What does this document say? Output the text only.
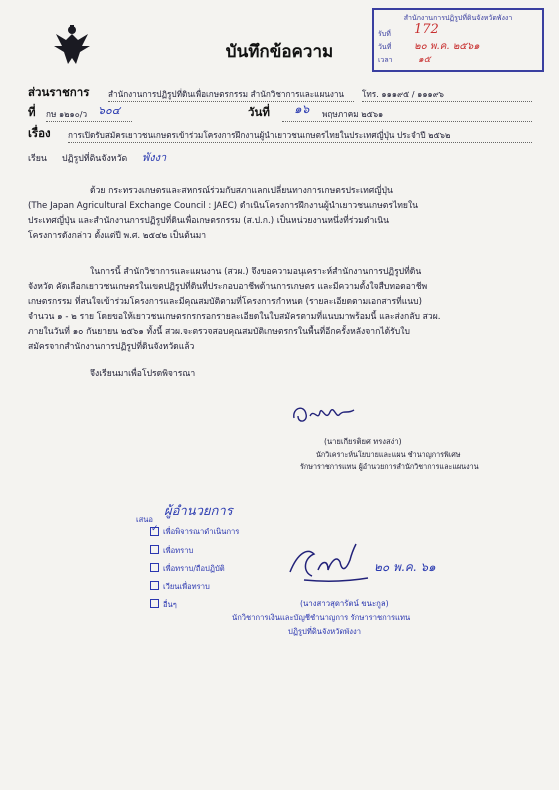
สำนักงานการปฏิรูปที่ดินจังหวัดพังงา
รับที่ 172
วันที่ ๒๐ พ.ค. ๒๕๖๑
เวลา	๑๕
บันทึกข้อความ
ส่วนราชการ สำนักงานการปฏิรูปที่ดินเพื่อเกษตรกรรม สำนักวิชาการและแผนงาน	โทร. ๑๑๑๙๕ / ๑๑๑๙๖
ที่ กษ ๑๒๑๐/ว ๖๐๔	วันที่ ๑๖	พฤษภาคม ๒๕๖๑
เรื่อง การเปิดรับสมัครเยาวชนเกษตรเข้าร่วมโครงการฝึกงานผู้นำเยาวชนเกษตรไทยในประเทศญี่ปุ่น ประจำปี ๒๕๖๒
เรียน ปฏิรูปที่ดินจังหวัด พังงา
ด้วย กระทรวงเกษตรและสหกรณ์ร่วมกับสภาแลกเปลี่ยนทางการเกษตรประเทศญี่ปุ่น
(The Japan Agricultural Exchange Council : JAEC) ดำเนินโครงการฝึกงานผู้นำเยาวชนเกษตรไทยใน
ประเทศญี่ปุ่น และสำนักงานการปฏิรูปที่ดินเพื่อเกษตรกรรม (ส.ป.ก.) เป็นหน่วยงานหนึ่งที่ร่วมดำเนิน
โครงการดังกล่าว ตั้งแต่ปี พ.ศ. ๒๕๔๒ เป็นต้นมา
ในการนี้ สำนักวิชาการและแผนงาน (สวผ.) จึงขอความอนุเคราะห์สำนักงานการปฏิรูปที่ดิน
จังหวัด คัดเลือกเยาวชนเกษตรในเขตปฏิรูปที่ดินที่ประกอบอาชีพด้านการเกษตร และมีความตั้งใจสืบทอดอาชีพ
เกษตรกรรม ที่สนใจเข้าร่วมโครงการและมีคุณสมบัติตามที่โครงการกำหนด (รายละเอียดตามเอกสารที่แนบ)
จำนวน ๑ - ๒ ราย โดยขอให้เยาวชนเกษตรกรกรอกรายละเอียดในใบสมัครตามที่แนบมาพร้อมนี้ และส่งกลับ สวผ.
ภายในวันที่ ๑๐ กันยายน ๒๕๖๑ ทั้งนี้ สวผ.จะตรวจสอบคุณสมบัติเกษตรกรในพื้นที่อีกครั้งหลังจากได้รับใบ
สมัครจากสำนักงานการปฏิรูปที่ดินจังหวัดแล้ว
จึงเรียนมาเพื่อโปรดพิจารณา
(นายเกียรติยศ ทรงสง่า)
นักวิเคราะห์นโยบายและแผน ชำนาญการพิเศษ
รักษาราชการแทน ผู้อำนวยการสำนักวิชาการและแผนงาน
เสนอ
ผู้อำนวยการ
✓เพื่อพิจารณาดำเนินการ
เพื่อทราบ
เพื่อทราบ/ถือปฏิบัติ
เวียนเพื่อทราบ
อื่นๆ
๒๐ พ.ค. ๖๑
(นางสาวสุดารัตน์ ขนะกูล)
นักวิชาการเงินและบัญชีชำนาญการ รักษาราชการแทน
ปฏิรูปที่ดินจังหวัดพังงา
